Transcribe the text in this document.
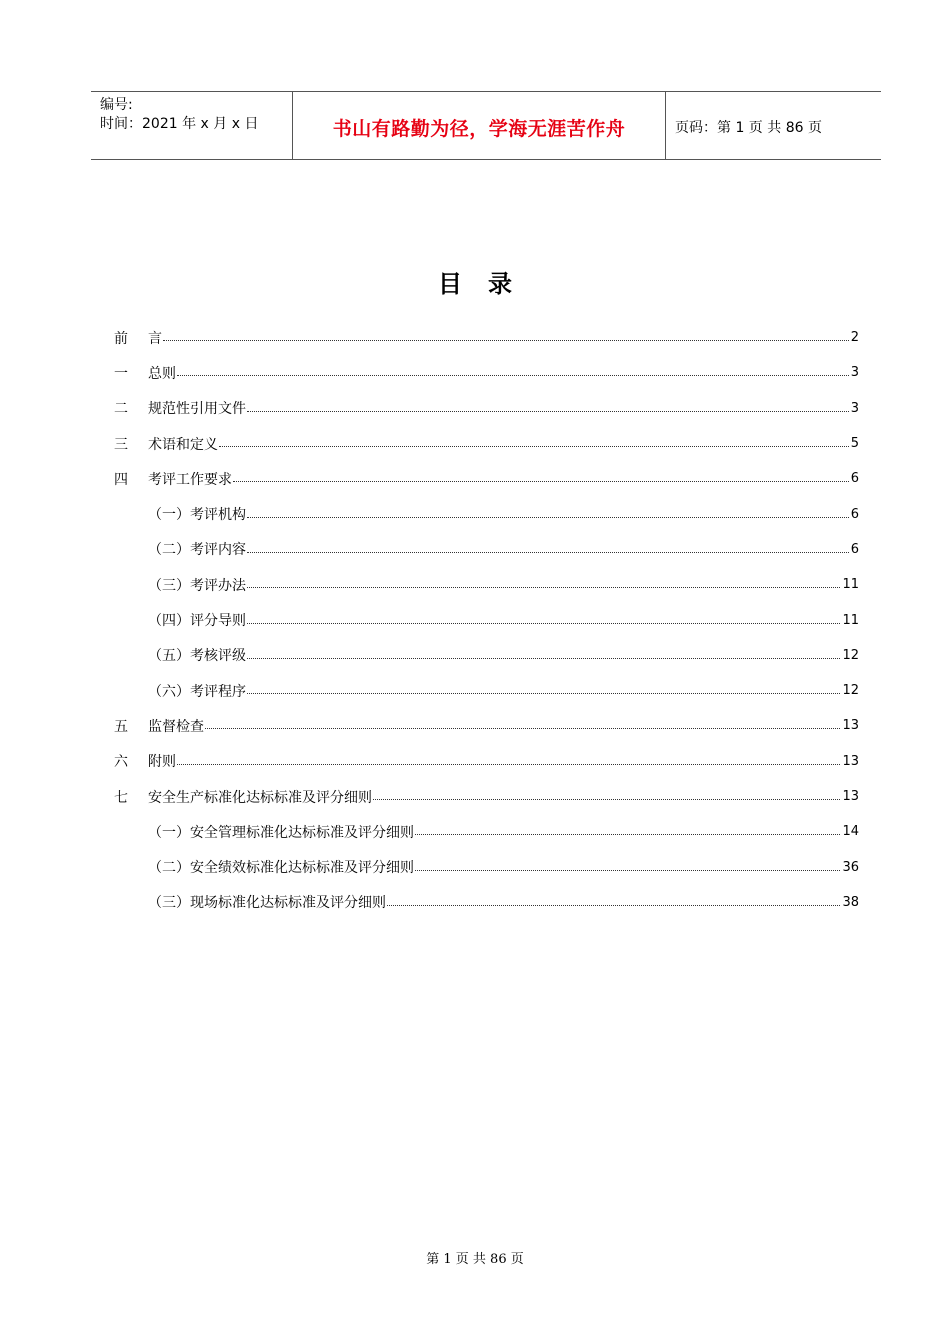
编号:
时间：2021 年 x 月 x 日	书山有路勤为径，学海无涯苦作舟	页码：第 1 页 共 86 页
目录
前	言	2
一	总则	3
二	规范性引用文件	3
三	术语和定义	5
四	考评工作要求	6
（一）考评机构	6
（二）考评内容	6
（三）考评办法	11
（四）评分导则	11
（五）考核评级	12
（六）考评程序	12
五	监督检查	13
六	附则	13
七	安全生产标准化达标标准及评分细则	13
（一）安全管理标准化达标标准及评分细则	14
（二）安全绩效标准化达标标准及评分细则	36
（三）现场标准化达标标准及评分细则	38
第 1 页 共 86 页
